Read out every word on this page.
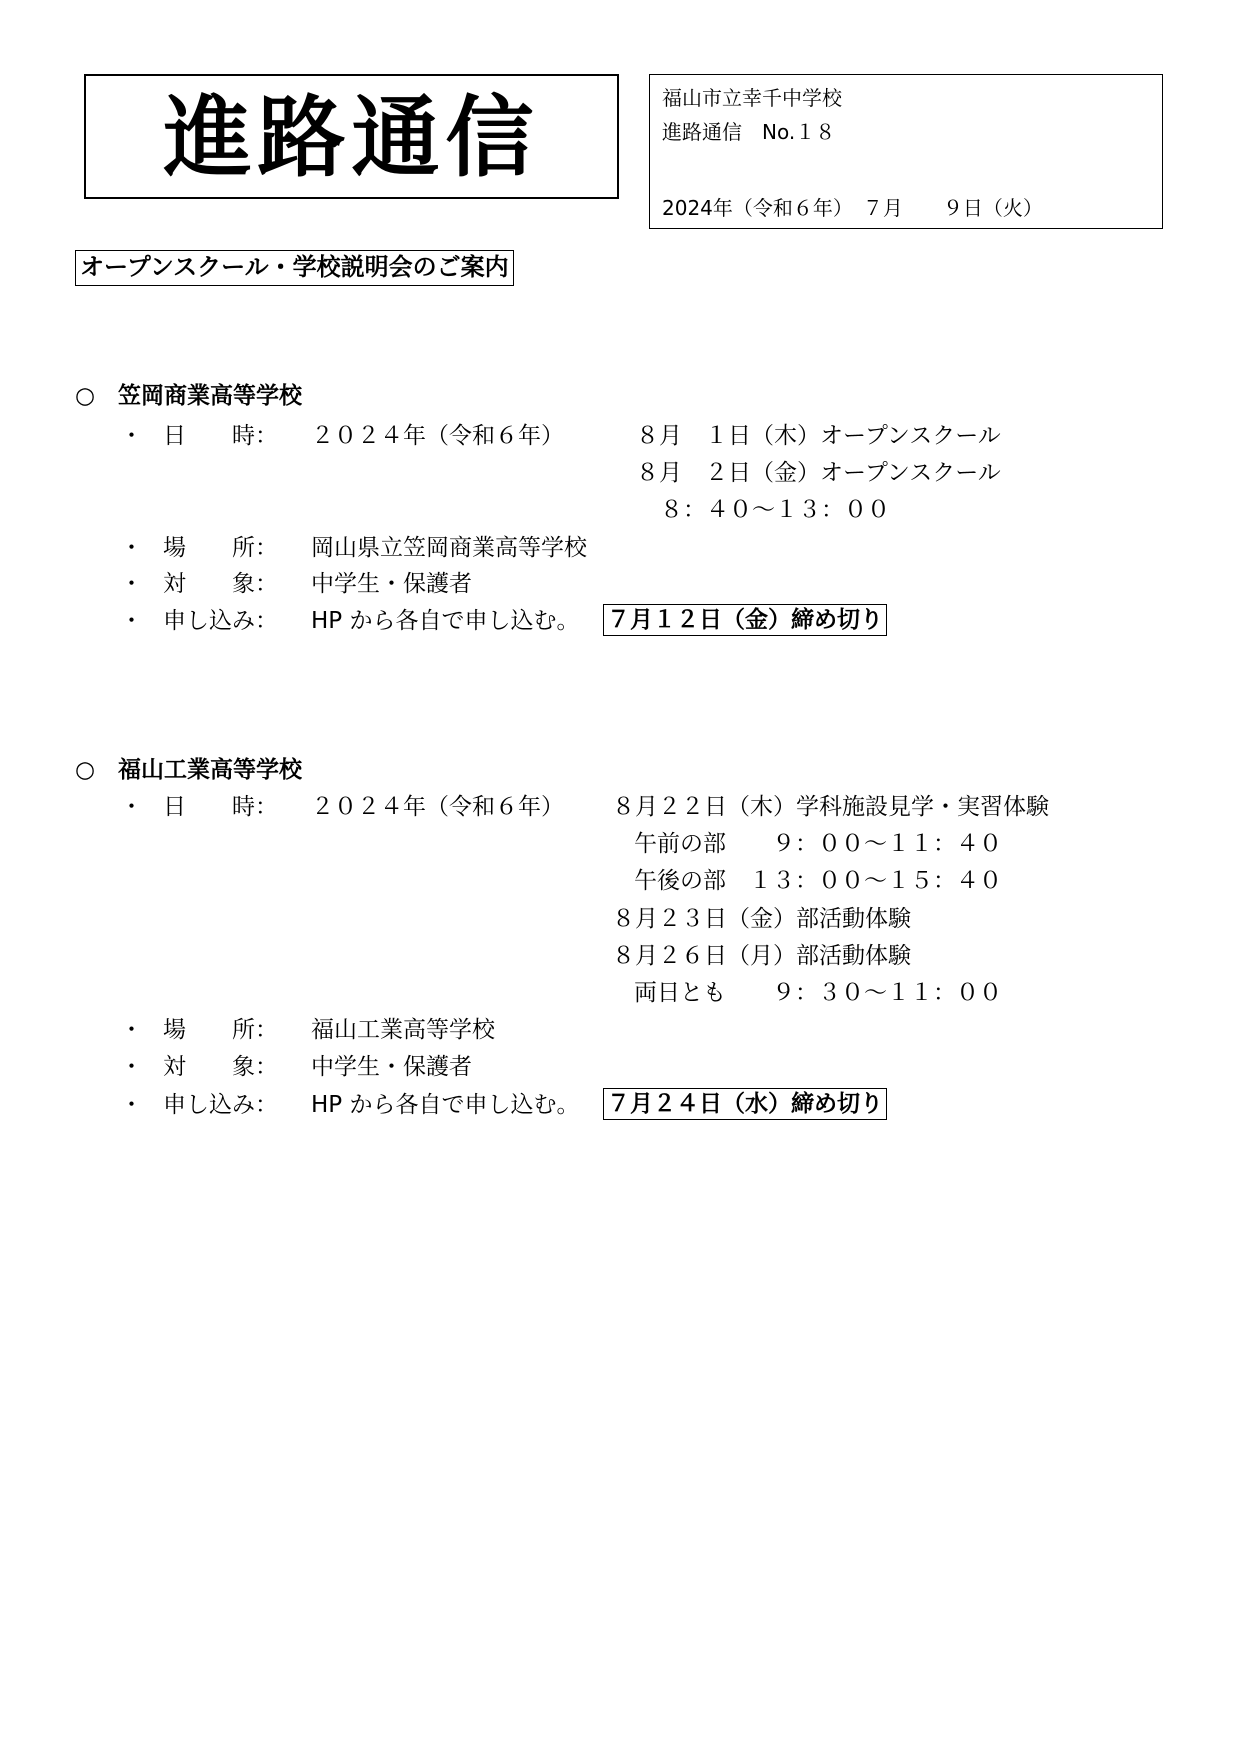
進路通信	福山市立幸千中学校
進路通信　No.１８
2024年（令和６年）　７月　　９日（火）
オープンスクール・学校説明会のご案内
○ 笠岡商業高等学校
・ 日　　時： ２０２４年（令和６年）	８月　１日（木）オープンスクール
８月　２日（金）オープンスクール
８：４０～１３：００
・ 場　　所： 岡山県立笠岡商業高等学校
・ 対　　象： 中学生・保護者
・ 申し込み： HP から各自で申し込む。 ７月１２日（金）締め切り
○ 福山工業高等学校
・ 日　　時： ２０２４年（令和６年） ８月２２日（木）学科施設見学・実習体験
午前の部　　９：００～１１：４０
午後の部　１３：００～１５：４０
８月２３日（金）部活動体験
８月２６日（月）部活動体験
両日とも　　９：３０～１１：００
・ 場　　所： 福山工業高等学校
・ 対　　象： 中学生・保護者
・ 申し込み： HP から各自で申し込む。 ７月２４日（水）締め切り
